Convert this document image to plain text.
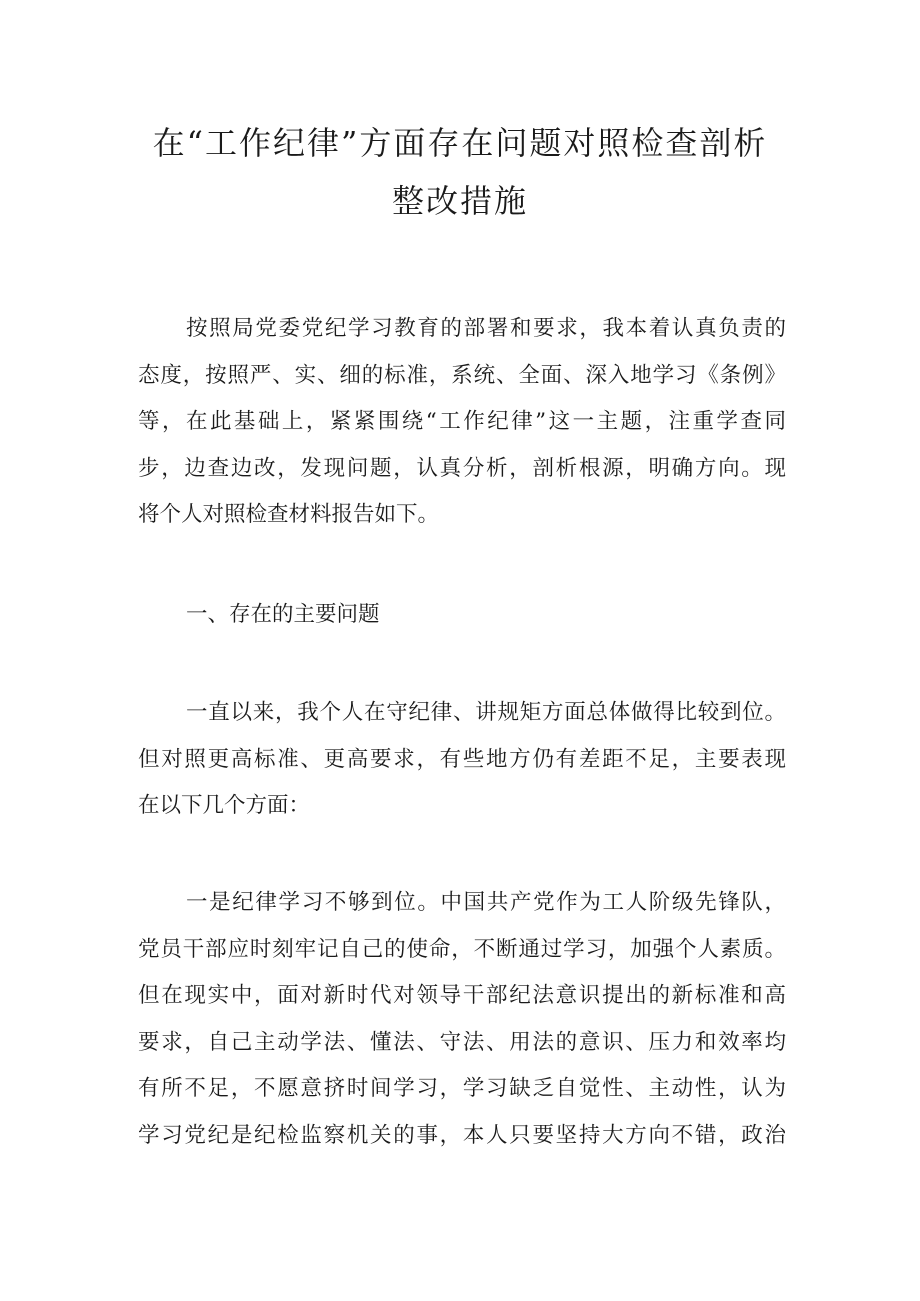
在“工作纪律”方面存在问题对照检查剖析
整改措施
按照局党委党纪学习教育的部署和要求，我本着认真负责的
态度，按照严、实、细的标准，系统、全面、深入地学习《条例》
等，在此基础上，紧紧围绕“工作纪律”这一主题，注重学查同
步，边查边改，发现问题，认真分析，剖析根源，明确方向。现
将个人对照检查材料报告如下。
一、存在的主要问题
一直以来，我个人在守纪律、讲规矩方面总体做得比较到位。
但对照更高标准、更高要求，有些地方仍有差距不足，主要表现
在以下几个方面：
一是纪律学习不够到位。中国共产党作为工人阶级先锋队，
党员干部应时刻牢记自己的使命，不断通过学习，加强个人素质。
但在现实中，面对新时代对领导干部纪法意识提出的新标准和高
要求，自己主动学法、懂法、守法、用法的意识、压力和效率均
有所不足，不愿意挤时间学习，学习缺乏自觉性、主动性，认为
学习党纪是纪检监察机关的事，本人只要坚持大方向不错，政治
